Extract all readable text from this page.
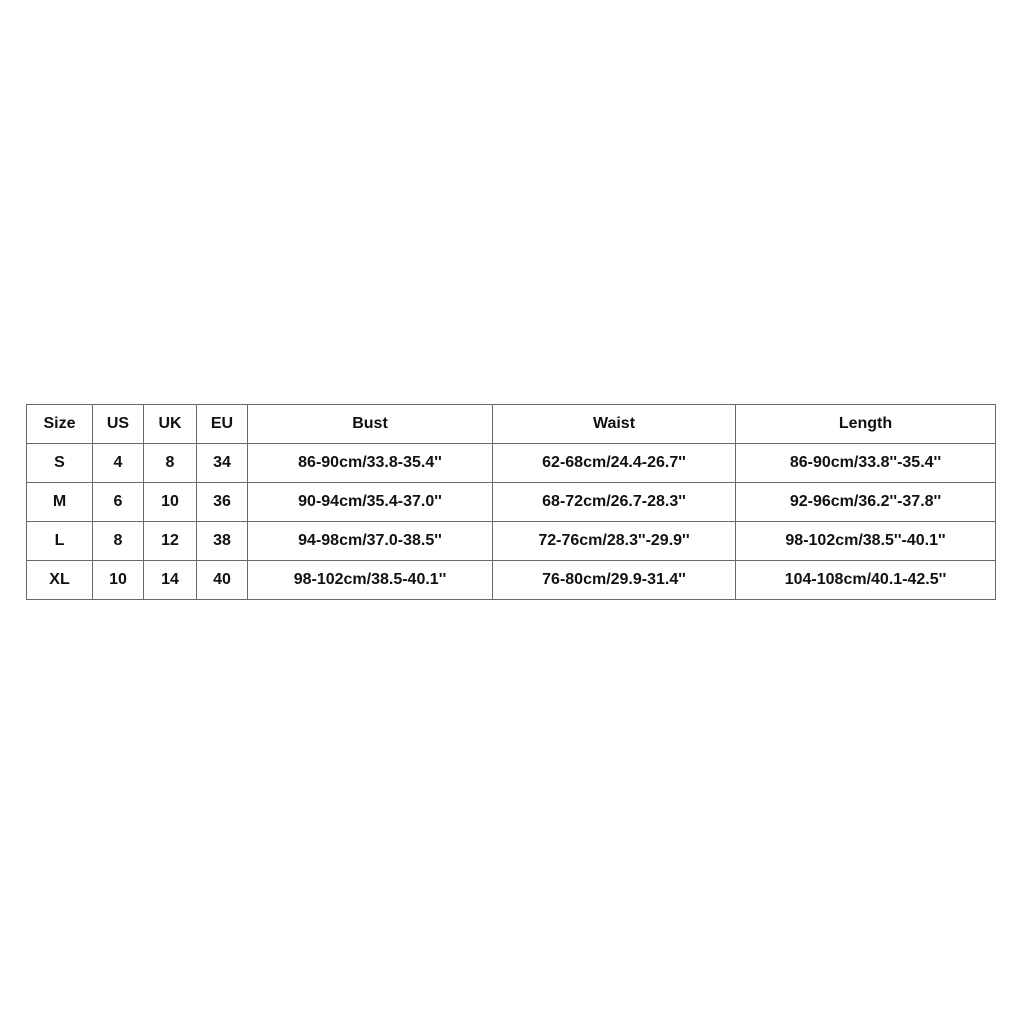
Size	US	UK	EU	Bust	Waist	Length
S	4	8	34	86-90cm/33.8-35.4''	62-68cm/24.4-26.7''	86-90cm/33.8''-35.4''
M	6	10	36	90-94cm/35.4-37.0''	68-72cm/26.7-28.3''	92-96cm/36.2''-37.8''
L	8	12	38	94-98cm/37.0-38.5''	72-76cm/28.3''-29.9''	98-102cm/38.5''-40.1''
XL	10	14	40	98-102cm/38.5-40.1''	76-80cm/29.9-31.4''	104-108cm/40.1-42.5''
